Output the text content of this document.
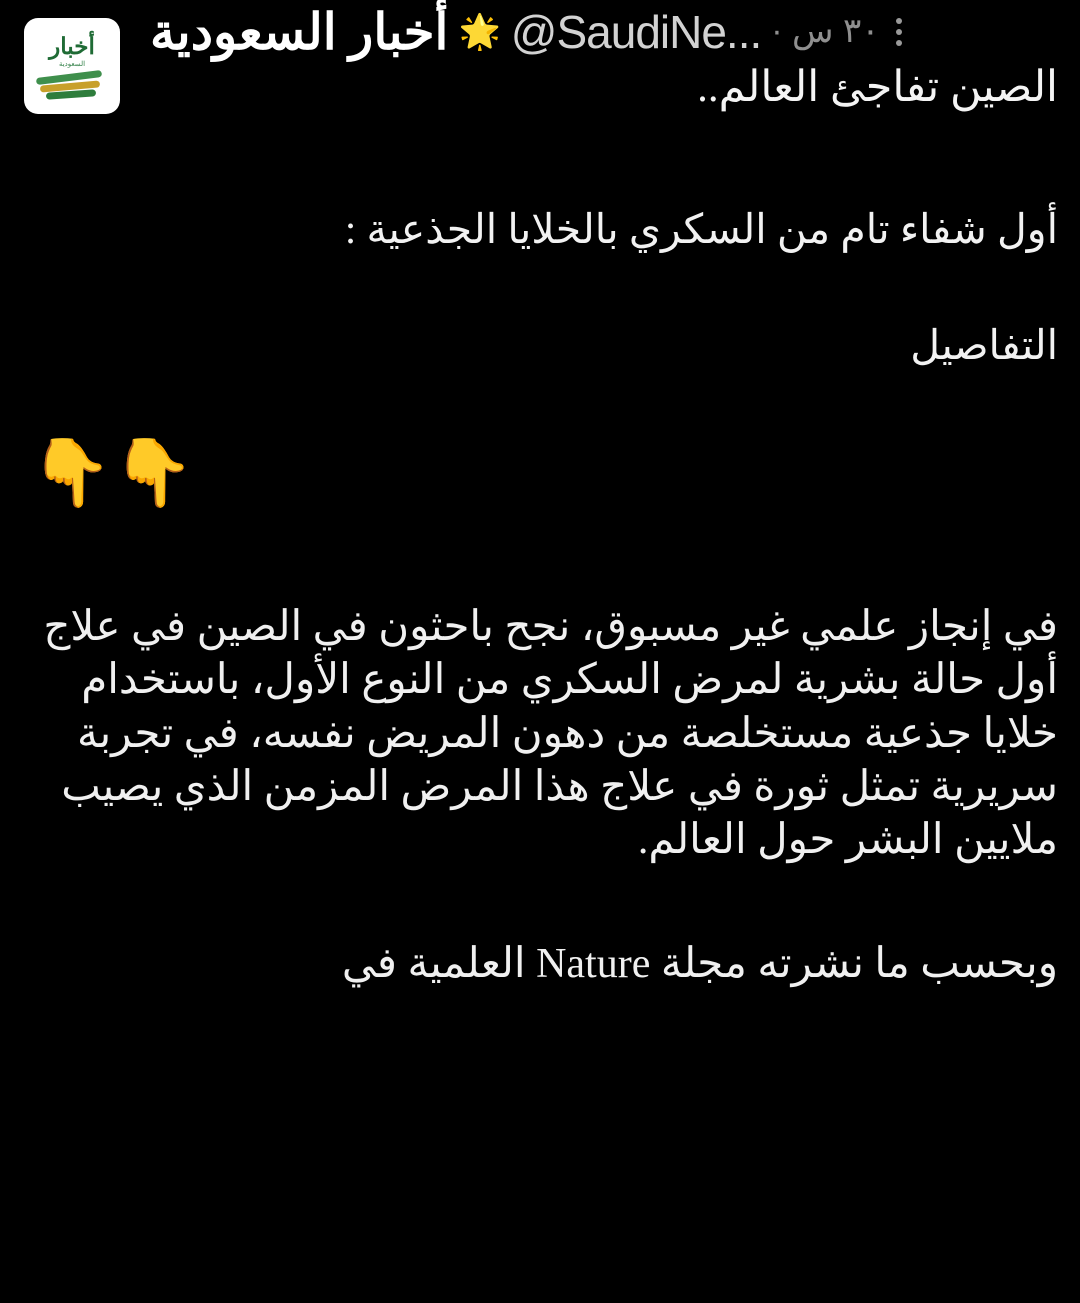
أخبار
السعودية
أخبار السعودية 🌟 @SaudiNe... ٣٠ س ·
الصين تفاجئ العالم..
أول شفاء تام من السكري بالخلايا الجذعية :
التفاصيل
👇👇
في إنجاز علمي غير مسبوق، نجح باحثون في الصين في علاج أول حالة بشرية لمرض السكري من النوع الأول، باستخدام خلايا جذعية مستخلصة من دهون المريض نفسه، في تجربة سريرية تمثل ثورة في علاج هذا المرض المزمن الذي يصيب ملايين البشر حول العالم.
وبحسب ما نشرته مجلة Nature العلمية في
